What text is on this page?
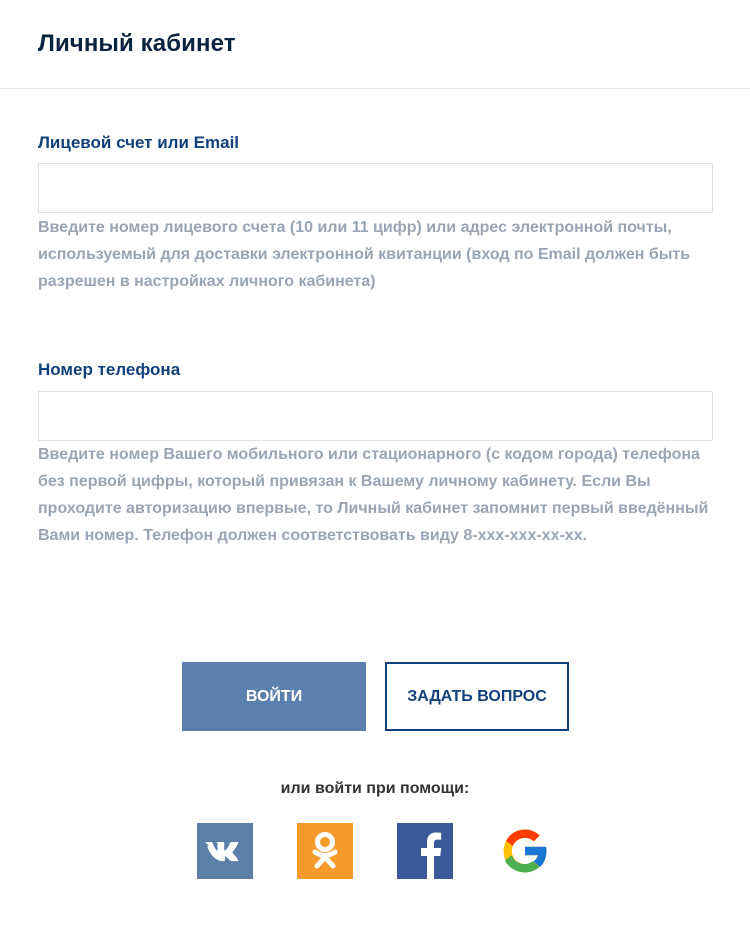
Личный кабинет

Лицевой счет или Email

Введите номер лицевого счета (10 или 11 цифр) или адрес электронной почты, используемый для доставки электронной квитанции (вход по Email должен быть разрешен в настройках личного кабинета)

Номер телефона

Введите номер Вашего мобильного или стационарного (с кодом города) телефона без первой цифры, который привязан к Вашему личному кабинету. Если Вы проходите авторизацию впервые, то Личный кабинет запомнит первый введённый Вами номер. Телефон должен соответствовать виду 8-xxx-xxx-xx-xx.

ВОЙТИ	ЗАДАТЬ ВОПРОС

или войти при помощи:
